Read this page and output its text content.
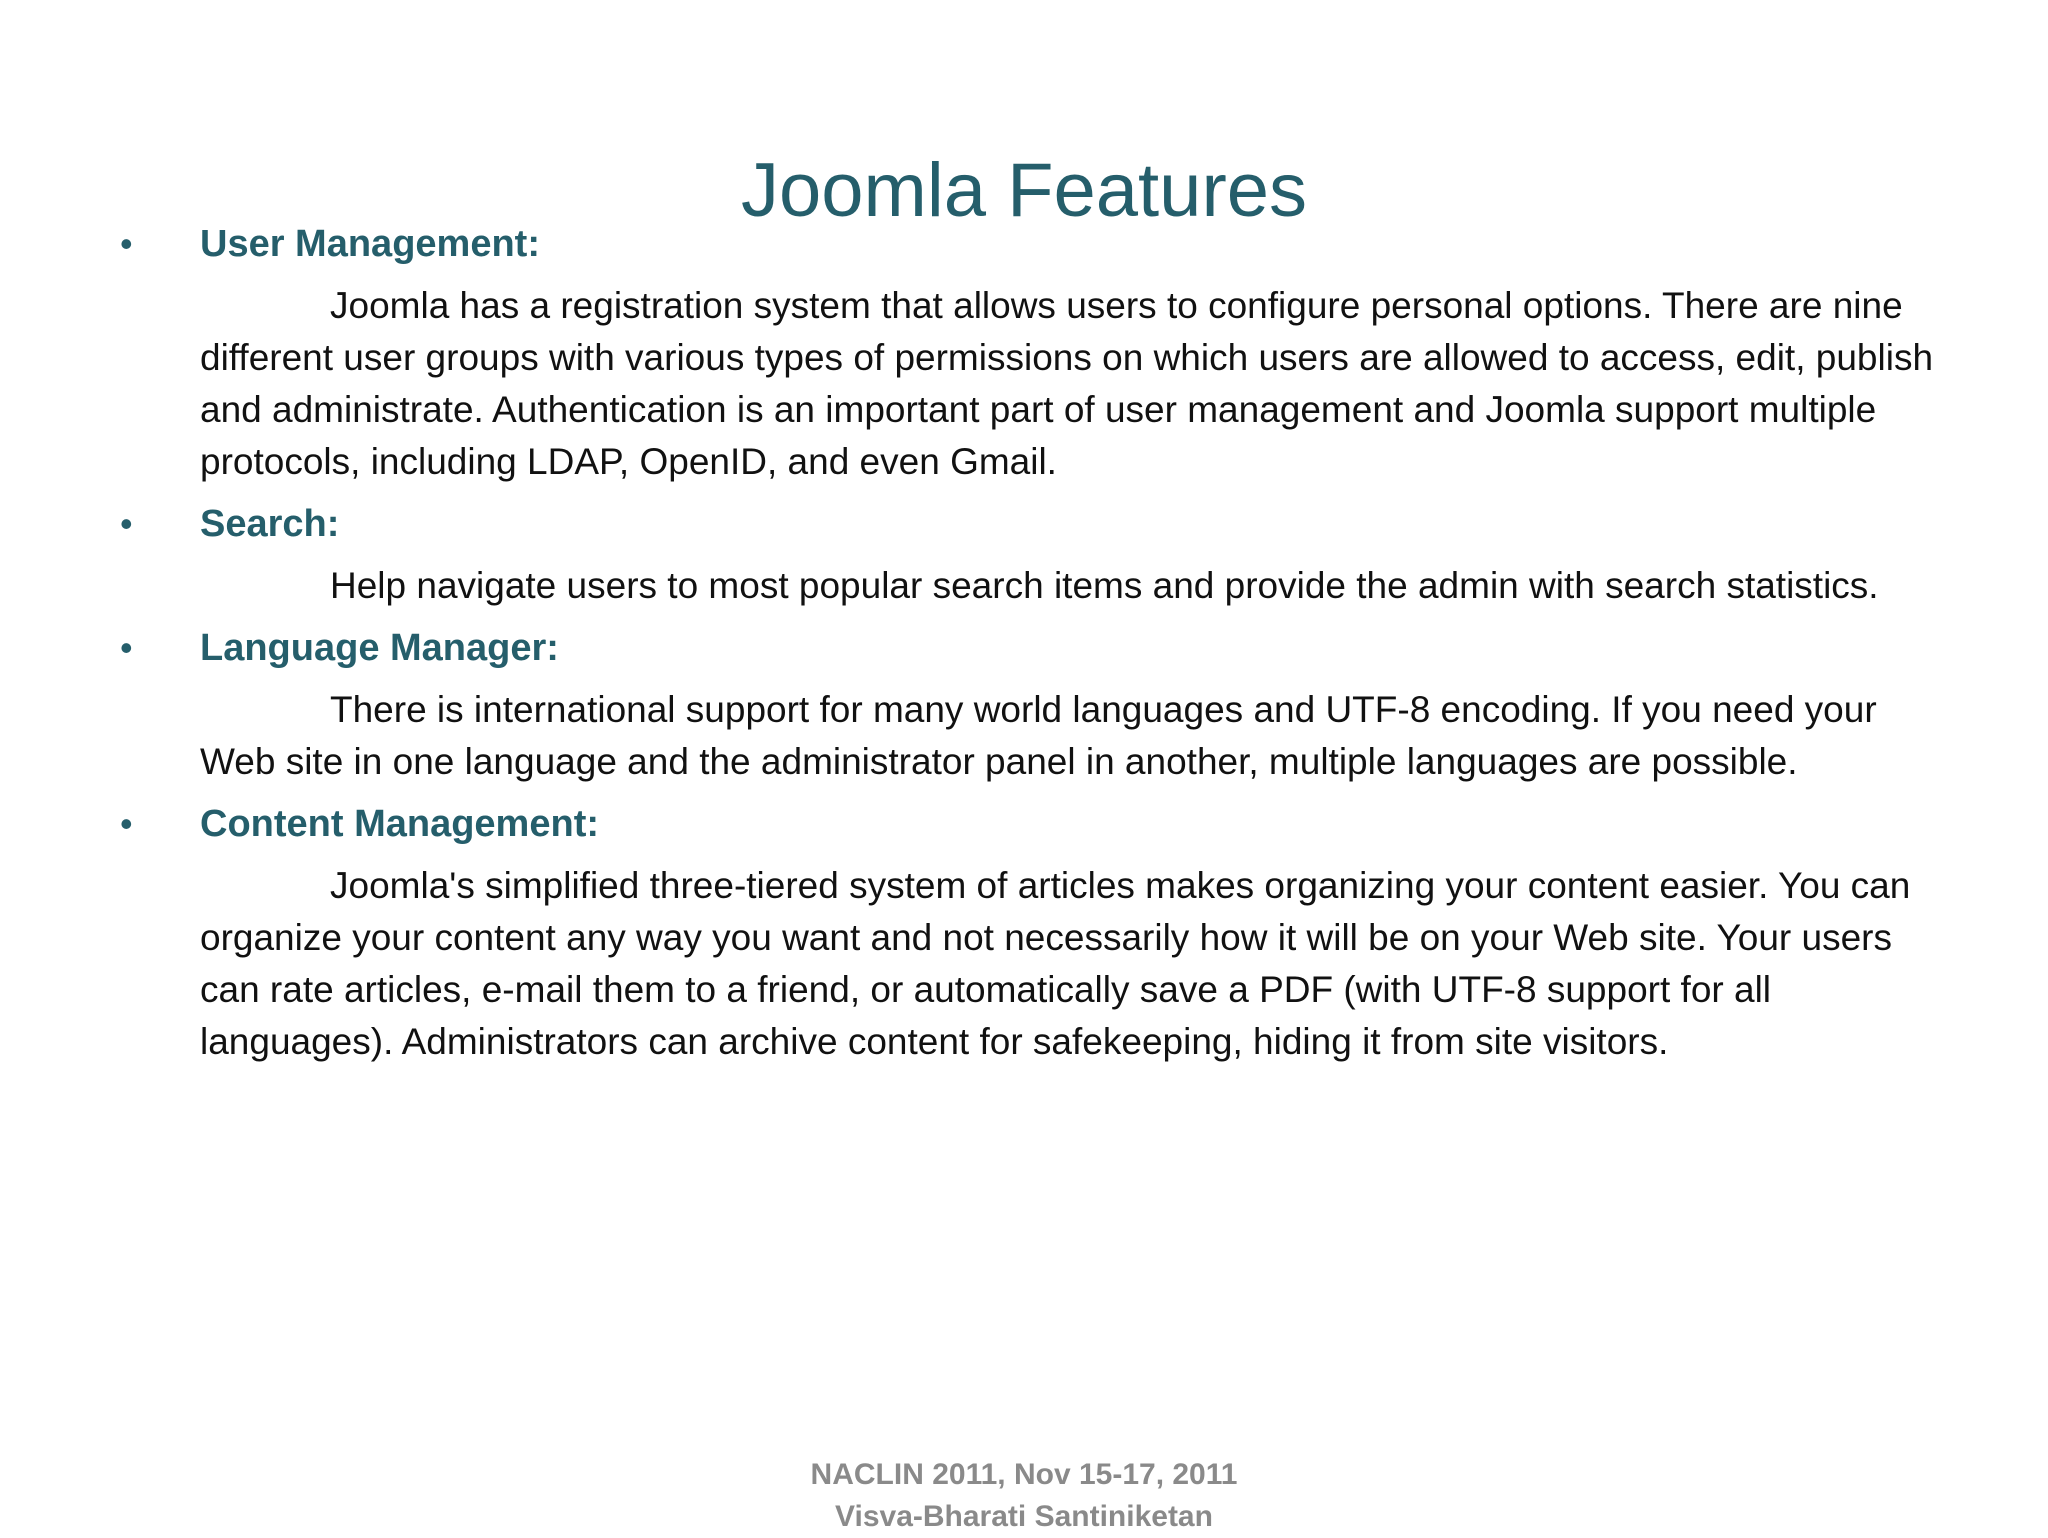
Joomla Features
• User Management:

Joomla has a registration system that allows users to configure personal options. There are nine different user groups with various types of permissions on which users are allowed to access, edit, publish and administrate. Authentication is an important part of user management and Joomla support multiple protocols, including LDAP, OpenID, and even Gmail.

• Search:

Help navigate users to most popular search items and provide the admin with search statistics.

• Language Manager:

There is international support for many world languages and UTF-8 encoding. If you need your Web site in one language and the administrator panel in another, multiple languages are possible.

• Content Management:

Joomla's simplified three-tiered system of articles makes organizing your content easier. You can organize your content any way you want and not necessarily how it will be on your Web site. Your users can rate articles, e-mail them to a friend, or automatically save a PDF (with UTF-8 support for all languages). Administrators can archive content for safekeeping, hiding it from site visitors.

NACLIN 2011, Nov 15-17, 2011
Visva-Bharati Santiniketan
